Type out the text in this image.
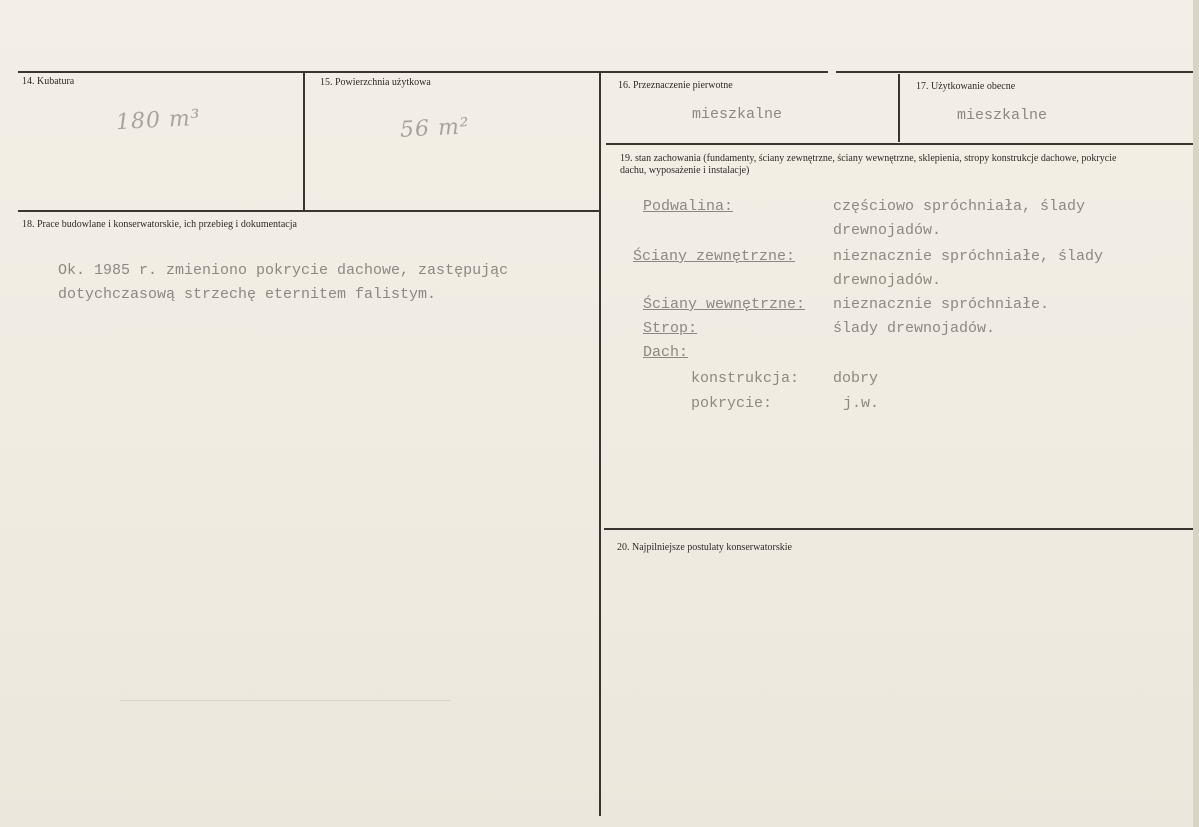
14. Kubatura
180 m³
15. Powierzchnia użytkowa
56 m²
16. Przeznaczenie pierwotne
mieszkalne
17. Użytkowanie obecne
mieszkalne
18. Prace budowlane i konserwatorskie, ich przebieg i dokumentacja
Ok. 1985 r. zmieniono pokrycie dachowe, zastępując
dotychczasową strzechę eternitem falistym.
19. stan zachowania (fundamenty, ściany zewnętrzne, ściany wewnętrzne, sklepienia, stropy konstrukcje dachowe, pokrycie dachu, wyposażenie i instalacje)
Podwalina:	częściowo spróchniała, ślady
drewnojadów.
Ściany zewnętrzne:	nieznacznie spróchniałe, ślady
drewnojadów.
Ściany wewnętrzne: nieznacznie spróchniałe.
Strop:	ślady drewnojadów.
Dach:
konstrukcja: dobry
pokrycie:	j.w.
20. Najpilniejsze postulaty konserwatorskie
